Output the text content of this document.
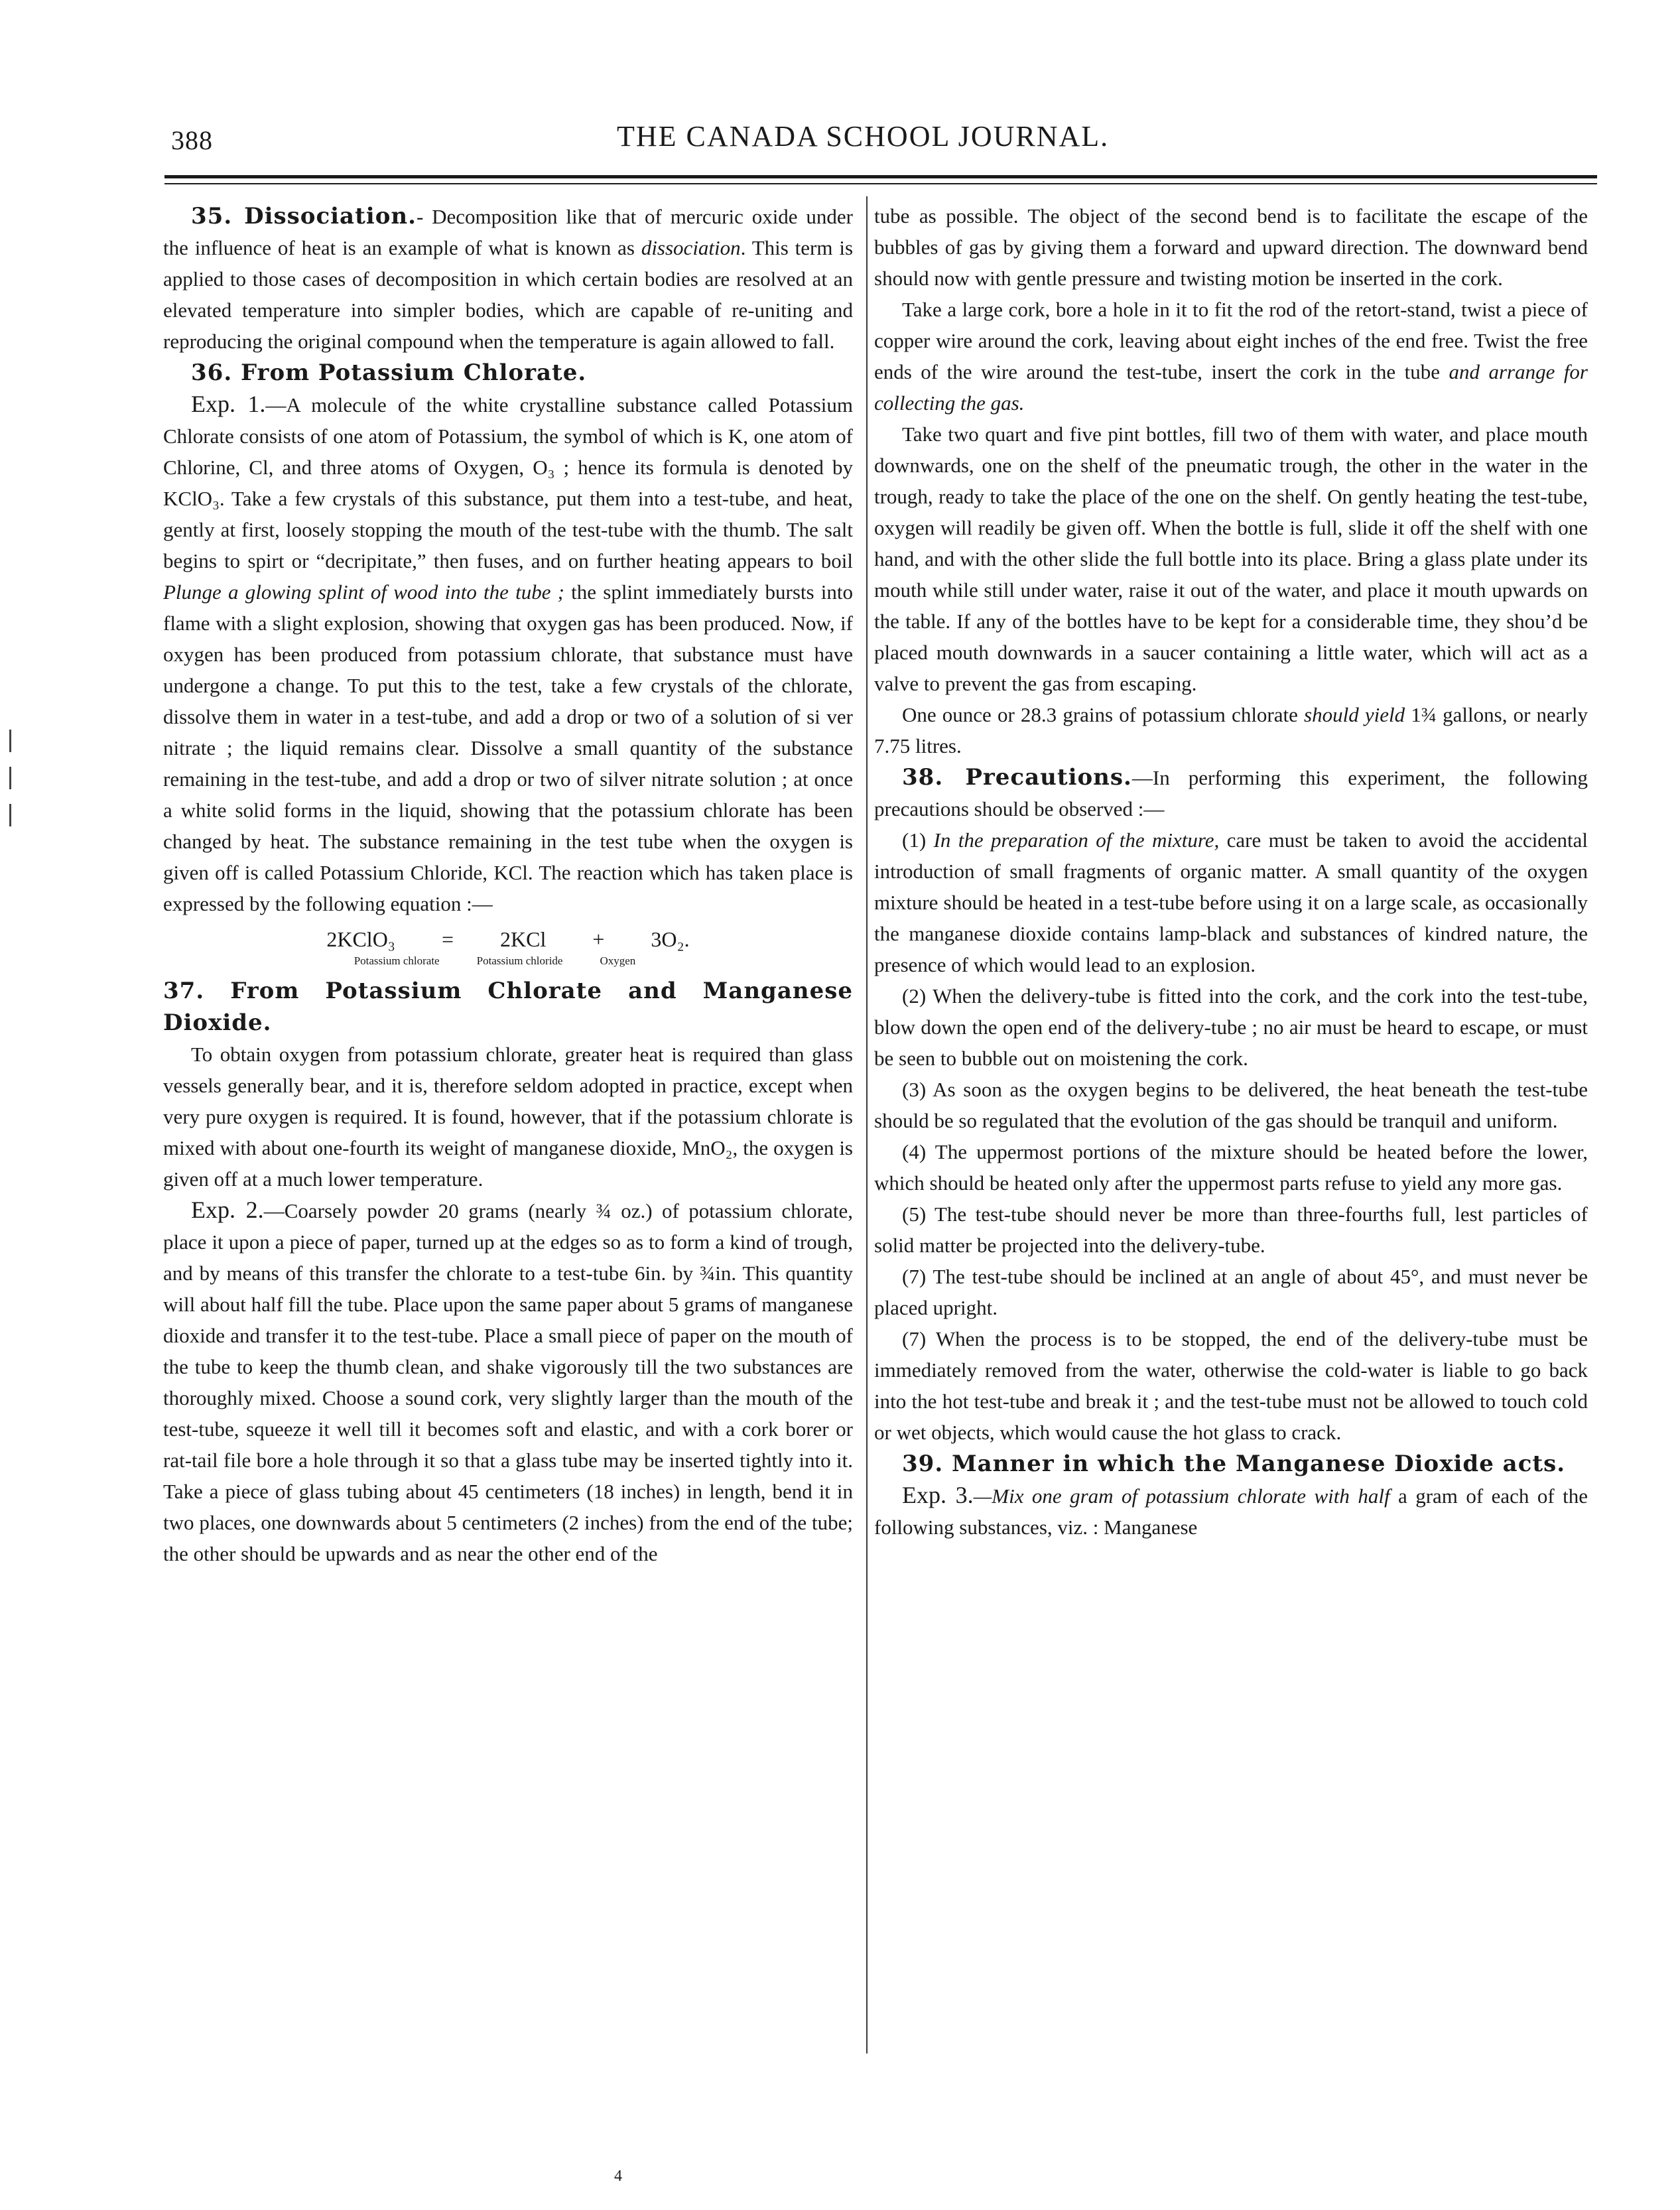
388	THE CANADA SCHOOL JOURNAL.

35. Dissociation.- Decomposition like that of mercuric oxide under the influence of heat is an example of what is known as dissociation. This term is applied to those cases of decomposition in which certain bodies are resolved at an elevated temperature into simpler bodies, which are capable of re-uniting and reproducing the original compound when the temperature is again allowed to fall.

36. From Potassium Chlorate.

Exp. 1.—A molecule of the white crystalline substance called Potassium Chlorate consists of one atom of Potassium, the symbol of which is K, one atom of Chlorine, Cl, and three atoms of Oxygen, O₃ ; hence its formula is denoted by KClO₃. Take a few crystals of this substance, put them into a test-tube, and heat, gently at first, loosely stopping the mouth of the test-tube with the thumb. The salt begins to spirt or “decripitate,” then fuses, and on further heating appears to boil Plunge a glowing splint of wood into the tube ; the splint immediately bursts into flame with a slight explosion, showing that oxygen gas has been produced. Now, if oxygen has been produced from potassium chlorate, that substance must have undergone a change. To put this to the test, take a few crystals of the chlorate, dissolve them in water in a test-tube, and add a drop or two of a solution of si ver nitrate ; the liquid remains clear. Dissolve a small quantity of the substance remaining in the test-tube, and add a drop or two of silver nitrate solution ; at once a white solid forms in the liquid, showing that the potassium chlorate has been changed by heat. The substance remaining in the test tube when the oxygen is given off is called Potassium Chloride, KCl. The reaction which has taken place is expressed by the following equation :—

2KClO₃ = 2KCl + 3O₂.
Potassium chlorate	Potassium chloride	Oxygen

37. From Potassium Chlorate and Manganese Dioxide.

To obtain oxygen from potassium chlorate, greater heat is required than glass vessels generally bear, and it is, therefore seldom adopted in practice, except when very pure oxygen is required. It is found, however, that if the potassium chlorate is mixed with about one-fourth its weight of manganese dioxide, MnO₂, the oxygen is given off at a much lower temperature.

Exp. 2.—Coarsely powder 20 grams (nearly ¾ oz.) of potassium chlorate, place it upon a piece of paper, turned up at the edges so as to form a kind of trough, and by means of this transfer the chlorate to a test-tube 6in. by ¾in. This quantity will about half fill the tube. Place upon the same paper about 5 grams of manganese dioxide and transfer it to the test-tube. Place a small piece of paper on the mouth of the tube to keep the thumb clean, and shake vigorously till the two substances are thoroughly mixed. Choose a sound cork, very slightly larger than the mouth of the test-tube, squeeze it well till it becomes soft and elastic, and with a cork borer or rat-tail file bore a hole through it so that a glass tube may be inserted tightly into it. Take a piece of glass tubing about 45 centimeters (18 inches) in length, bend it in two places, one downwards about 5 centimeters (2 inches) from the end of the tube; the other should be upwards and as near the other end of the

tube as possible. The object of the second bend is to facilitate the escape of the bubbles of gas by giving them a forward and upward direction. The downward bend should now with gentle pressure and twisting motion be inserted in the cork.

Take a large cork, bore a hole in it to fit the rod of the retort-stand, twist a piece of copper wire around the cork, leaving about eight inches of the end free. Twist the free ends of the wire around the test-tube, insert the cork in the tube and arrange for collecting the gas.

Take two quart and five pint bottles, fill two of them with water, and place mouth downwards, one on the shelf of the pneumatic trough, the other in the water in the trough, ready to take the place of the one on the shelf. On gently heating the test-tube, oxygen will readily be given off. When the bottle is full, slide it off the shelf with one hand, and with the other slide the full bottle into its place. Bring a glass plate under its mouth while still under water, raise it out of the water, and place it mouth upwards on the table. If any of the bottles have to be kept for a considerable time, they shou’d be placed mouth downwards in a saucer containing a little water, which will act as a valve to prevent the gas from escaping.

One ounce or 28.3 grains of potassium chlorate should yield 1¾ gallons, or nearly 7.75 litres.

38. Precautions.—In performing this experiment, the following precautions should be observed :—

(1) In the preparation of the mixture, care must be taken to avoid the accidental introduction of small fragments of organic matter. A small quantity of the oxygen mixture should be heated in a test-tube before using it on a large scale, as occasionally the manganese dioxide contains lamp-black and substances of kindred nature, the presence of which would lead to an explosion.

(2) When the delivery-tube is fitted into the cork, and the cork into the test-tube, blow down the open end of the delivery-tube ; no air must be heard to escape, or must be seen to bubble out on moistening the cork.

(3) As soon as the oxygen begins to be delivered, the heat beneath the test-tube should be so regulated that the evolution of the gas should be tranquil and uniform.

(4) The uppermost portions of the mixture should be heated before the lower, which should be heated only after the uppermost parts refuse to yield any more gas.

(5) The test-tube should never be more than three-fourths full, lest particles of solid matter be projected into the delivery-tube.

(7) The test-tube should be inclined at an angle of about 45°, and must never be placed upright.

(7) When the process is to be stopped, the end of the delivery-tube must be immediately removed from the water, otherwise the cold-water is liable to go back into the hot test-tube and break it ; and the test-tube must not be allowed to touch cold or wet objects, which would cause the hot glass to crack.

39. Manner in which the Manganese Dioxide acts.

Exp. 3.—Mix one gram of potassium chlorate with half a gram of each of the following substances, viz. : Manganese

4
